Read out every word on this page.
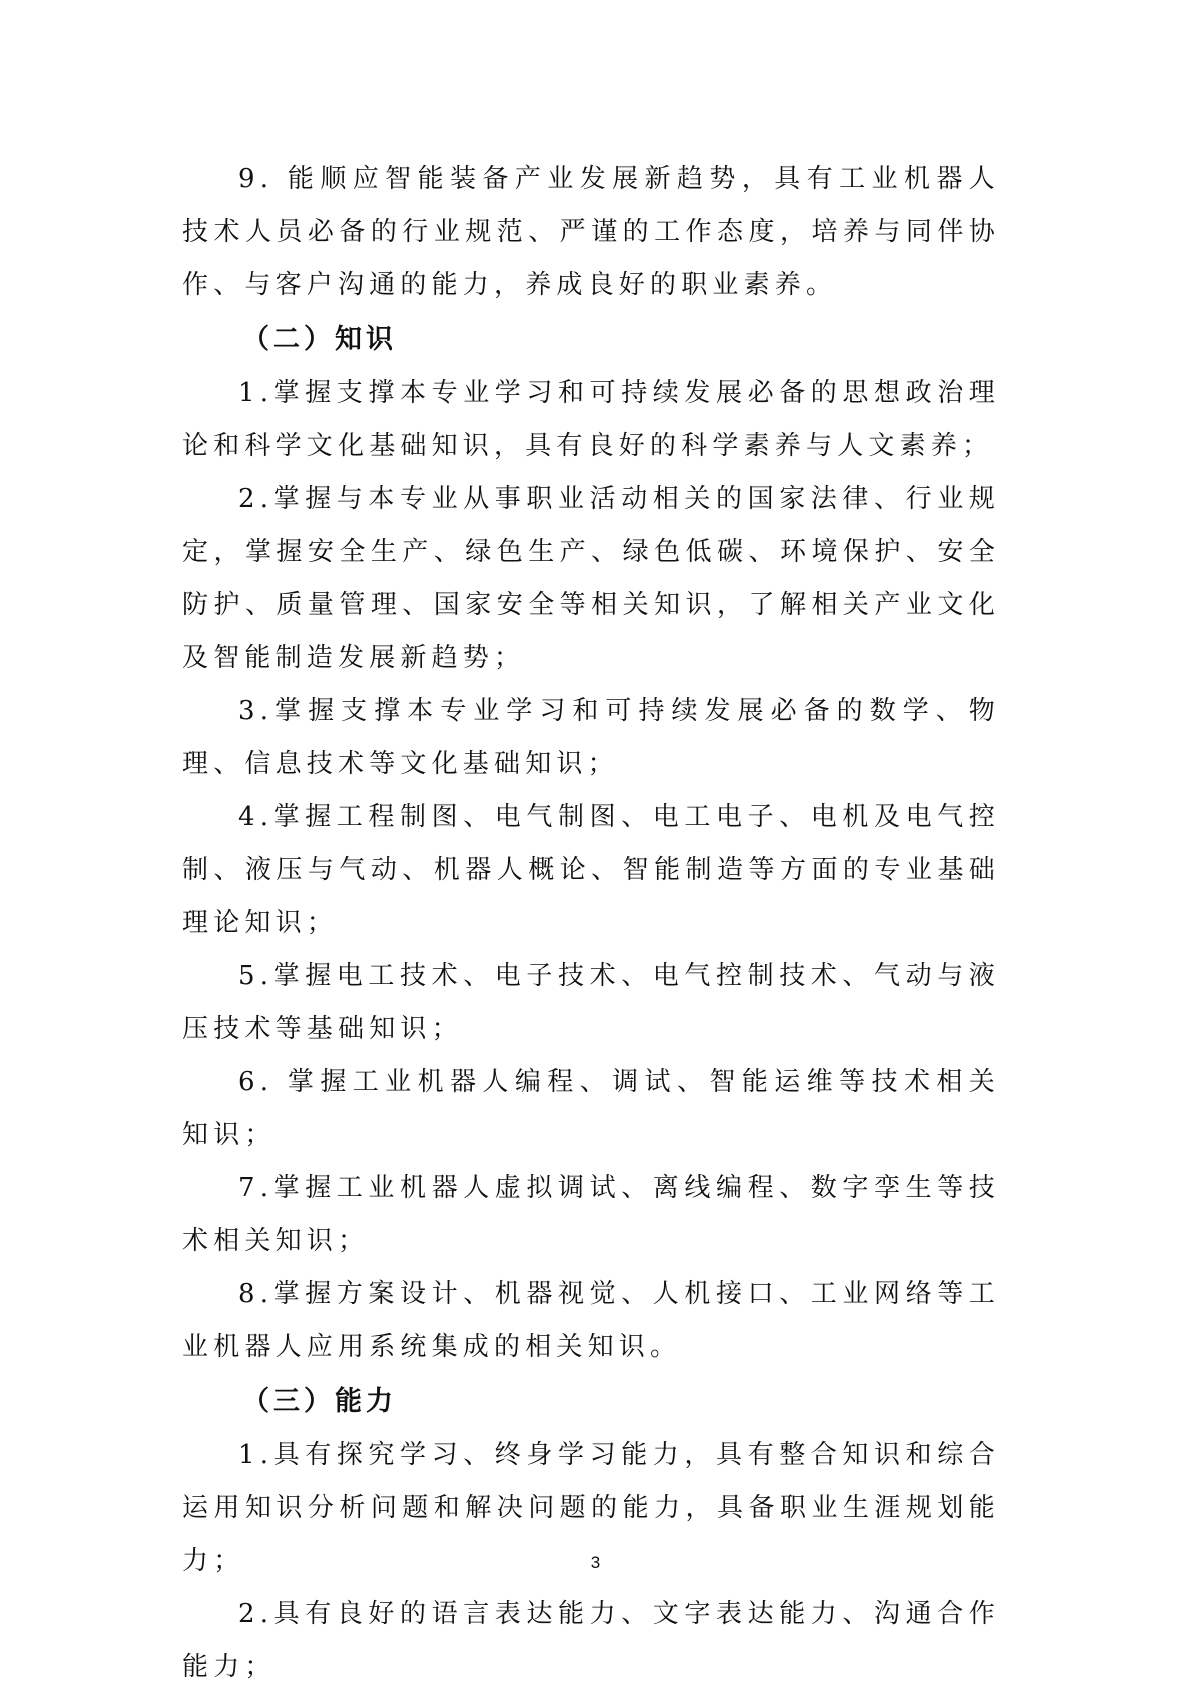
9. 能顺应智能装备产业发展新趋势，具有工业机器人技术人员必备的行业规范、严谨的工作态度，培养与同伴协作、与客户沟通的能力，养成良好的职业素养。

（二）知识

1.掌握支撑本专业学习和可持续发展必备的思想政治理论和科学文化基础知识，具有良好的科学素养与人文素养；

2.掌握与本专业从事职业活动相关的国家法律、行业规定，掌握安全生产、绿色生产、绿色低碳、环境保护、安全防护、质量管理、国家安全等相关知识，了解相关产业文化及智能制造发展新趋势；

3.掌握支撑本专业学习和可持续发展必备的数学、物理、信息技术等文化基础知识；

4.掌握工程制图、电气制图、电工电子、电机及电气控制、液压与气动、机器人概论、智能制造等方面的专业基础理论知识；

5.掌握电工技术、电子技术、电气控制技术、气动与液压技术等基础知识；

6. 掌握工业机器人编程、调试、智能运维等技术相关知识；

7.掌握工业机器人虚拟调试、离线编程、数字孪生等技术相关知识；

8.掌握方案设计、机器视觉、人机接口、工业网络等工业机器人应用系统集成的相关知识。

（三）能力

1.具有探究学习、终身学习能力，具有整合知识和综合运用知识分析问题和解决问题的能力，具备职业生涯规划能力；

2.具有良好的语言表达能力、文字表达能力、沟通合作能力；

3
